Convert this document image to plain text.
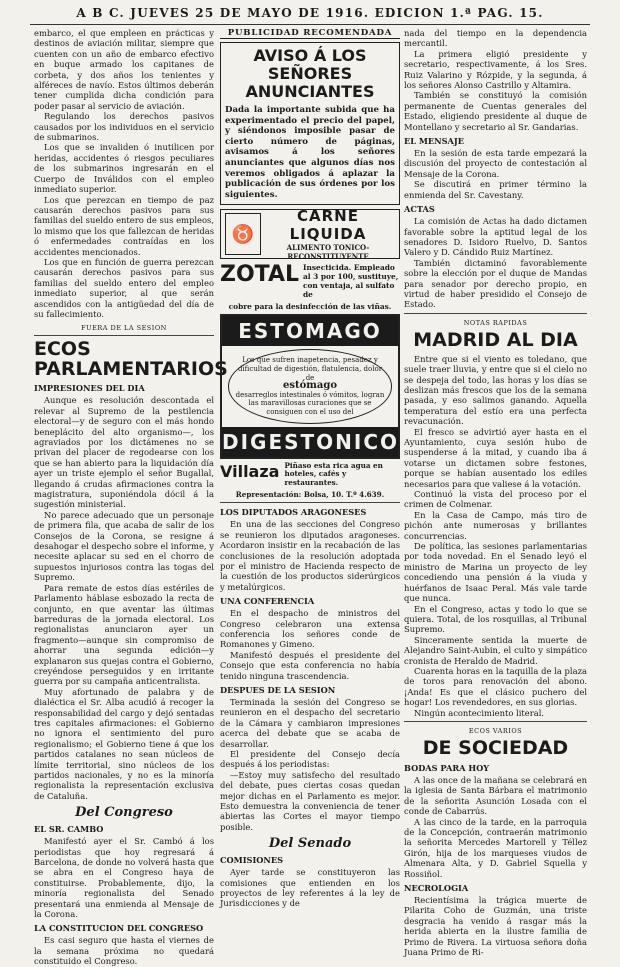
A B C. JUEVES 25 DE MAYO DE 1916. EDICION 1.ª PAG. 15.

embarco, el que empleen en prácticas y destinos de aviación militar, siempre que cuenten con un año de embarco efectivo en buque armado los capitanes de corbeta, y dos años los tenientes y alféreces de navío. Estos últimos deberán tener cumplida dicha condición para poder pasar al servicio de aviación.

Regulando los derechos pasivos causados por los individuos en el servicio de submarinos.

Los que se invaliden ó inutilicen por heridas, accidentes ó riesgos peculiares de los submarinos ingresarán en el Cuerpo de Inválidos con el empleo inmediato superior.

Los que perezcan en tiempo de paz causarán derechos pasivos para sus familias del sueldo entero de sus empleos, lo mismo que los que fallezcan de heridas ó enfermedades contraídas en los accidentes mencionados.

Los que en función de guerra perezcan causarán derechos pasivos para sus familias del sueldo entero del empleo inmediato superior, al que serán ascendidos con la antigüedad del día de su fallecimiento.

FUERA DE LA SESION
ECOS PARLAMENTARIOS
IMPRESIONES DEL DIA

Aunque es resolución descontada el relevar al Supremo de la pestilencia electoral—y de seguro con el más hondo beneplácito del alto organismo—, los agraviados por los dictámenes no se privan del placer de regodearse con los que se han abierto para la liquidación día ayer un triste ejemplo el señor Bugallal, llegando á crudas afirmaciones contra la magistratura, suponiéndola dócil á la sugestión ministerial.

No parece adecuado que un personaje de primera fila, que acaba de salir de los Consejos de la Corona, se resigne á desahogar el despecho sobre el informe, y necesite aplacar su sed en el chorro de supuestos injuriosos contra las togas del Supremo.

Para remate de estos días estériles de Parlamento háblase esbozado la recta de conjunto, en que aventar las últimas barreduras de la jornada electoral. Los regionalistas anunciaron ayer un fragmento—aunque sin compromiso de ahorrar una segunda edición—y explanaron sus quejas contra el Gobierno, creyéndose perseguidos y en irritante guerra por su campaña anticentralista.

Muy afortunado de palabra y de dialéctica el Sr. Alba acudió á recoger la responsabilidad del cargo y dejó sentadas tres capitales afirmaciones: el Gobierno no ignora el sentimiento del puro regionalismo; el Gobierno tiene á que los partidos catalanes no sean núcleos de límite territorial, sino núcleos de los partidos nacionales, y no es la minoría regionalista la representación exclusiva de Cataluña.

Del Congreso
EL SR. CAMBO

Manifestó ayer el Sr. Cambó á los periodistas que hoy regresará á Barcelona, de donde no volverá hasta que se abra en el Congreso haya de constituirse. Probablemente, dijo, la minoría regionalista del Senado presentará una enmienda al Mensaje de la Corona.

LA CONSTITUCION DEL CONGRESO

Es casi seguro que hasta el viernes de la semana próxima no quedará constituido el Congreso.

PUBLICIDAD RECOMENDADA
AVISO Á LOS SEÑORES ANUNCIANTES
Dada la importante subida que ha experimentado el precio del papel, y siéndonos imposible pasar de cierto número de páginas, avisamos á los señores anunciantes que algunos días nos veremos obligados á aplazar la publicación de sus órdenes por los siguientes.
♉
CARNE LIQUIDA
ALIMENTO TONICO-RECONSTITUYENTE
ZOTAL Insecticida. Empleado al 3 por 100, sustituye, con ventaja, al sulfato de
cobre para la desinfección de las viñas.
ESTOMAGO
Los que sufren inapetencia, pesadez y dificultad de digestión, flatulencia, dolor de
estómago
desarreglos intestinales ó vómitos, logran las maravillosas curaciones que se consiguen con el uso del
DIGESTONICO
Villaza Piñaso esta rica agua en hoteles, cafés y restaurantes.
Representación: Bolsa, 10. T.º 4.639.
LOS DIPUTADOS ARAGONESES

En una de las secciones del Congreso se reunieron los diputados aragoneses. Acordaron insistir en la recabación de las conclusiones de la resolución adoptada por el ministro de Hacienda respecto de la cuestión de los productos siderúrgicos y metalúrgicos.

UNA CONFERENCIA

En el despacho de ministros del Congreso celebraron una extensa conferencia los señores conde de Romanones y Gimeno.

Manifestó después el presidente del Consejo que esta conferencia no había tenido ninguna trascendencia.

DESPUES DE LA SESION

Terminada la sesión del Congreso se reunieron en el despacho del secretario de la Cámara y cambiaron impresiones acerca del debate que se acaba de desarrollar.

El presidente del Consejo decía después á los periodistas:

—Estoy muy satisfecho del resultado del debate, pues ciertas cosas quedan mejor dichas en el Parlamento es mejor. Esto demuestra la conveniencia de tener abiertas las Cortes el mayor tiempo posible.

Del Senado
COMISIONES

Ayer tarde se constituyeron las comisiones que entienden en los proyectos de ley referentes á la ley de Jurisdicciones y de

nada del tiempo en la dependencia mercantil.

La primera eligió presidente y secretario, respectivamente, á los Sres. Ruiz Valarino y Rózpide, y la segunda, á los señores Alonso Castrillo y Altamira.

También se constituyó la comisión permanente de Cuentas generales del Estado, eligiendo presidente al duque de Montellano y secretario al Sr. Gandarias.

EL MENSAJE

En la sesión de esta tarde empezará la discusión del proyecto de contestación al Mensaje de la Corona.

Se discutirá en primer término la enmienda del Sr. Cavestany.

ACTAS

La comisión de Actas ha dado dictamen favorable sobre la aptitud legal de los senadores D. Isidoro Ruelvo, D. Santos Valero y D. Cándido Ruiz Martínez.

También dictaminó favorablemente sobre la elección por el duque de Mandas para senador por derecho propio, en virtud de haber presidido el Consejo de Estado.

NOTAS RAPIDAS
MADRID AL DIA

Entre que si el viento es toledano, que suele traer lluvia, y entre que si el cielo no se despeja del todo, las horas y los días se deslizan más frescos que los de la semana pasada, y eso salimos ganando. Aquella temperatura del estío era una perfecta revacunación.

El fresco se advirtió ayer hasta en el Ayuntamiento, cuya sesión hubo de suspenderse á la mitad, y cuando iba á votarse un dictamen sobre festones, porque se habían ausentado los ediles necesarios para que valiese á la votación.

Continuó la vista del proceso por el crimen de Colmenar.

En la Casa de Campo, más tiro de pichón ante numerosas y brillantes concurrencias.

De política, las sesiones parlamentarias por toda novedad. En el Senado leyó el ministro de Marina un proyecto de ley concediendo una pensión á la viuda y huérfanos de Isaac Peral. Más vale tarde que nunca.

En el Congreso, actas y todo lo que se quiera. Total, de los rosquillas, al Tribunal Supremo.

Sinceramente sentida la muerte de Alejandro Saint-Aubin, el culto y simpático cronista de Heraldo de Madrid.

Cuarenta horas en la taquilla de la plaza de toros para renovación del abono. ¡Anda! Es que el clásico puchero del hogar! Los revendedores, en sus glorias.

Ningún acontecimiento literal.

ECOS VARIOS
DE SOCIEDAD
BODAS PARA HOY

A las once de la mañana se celebrará en la iglesia de Santa Bárbara el matrimonio de la señorita Asunción Losada con el conde de Cabarrús.

A las cinco de la tarde, en la parroquia de la Concepción, contraerán matrimonio la señorita Mercedes Martorell y Téllez Girón, hija de los marqueses viudos de Almenara Alta, y D. Gabriel Squella y Rossiñol.

NECROLOGIA

Recientísima la trágica muerte de Pilarita Coho de Guzmán, una triste desgracia ha venido á rasgar más la herida abierta en la ilustre familia de Primo de Rivera. La virtuosa señora doña Juana Primo de Ri-
